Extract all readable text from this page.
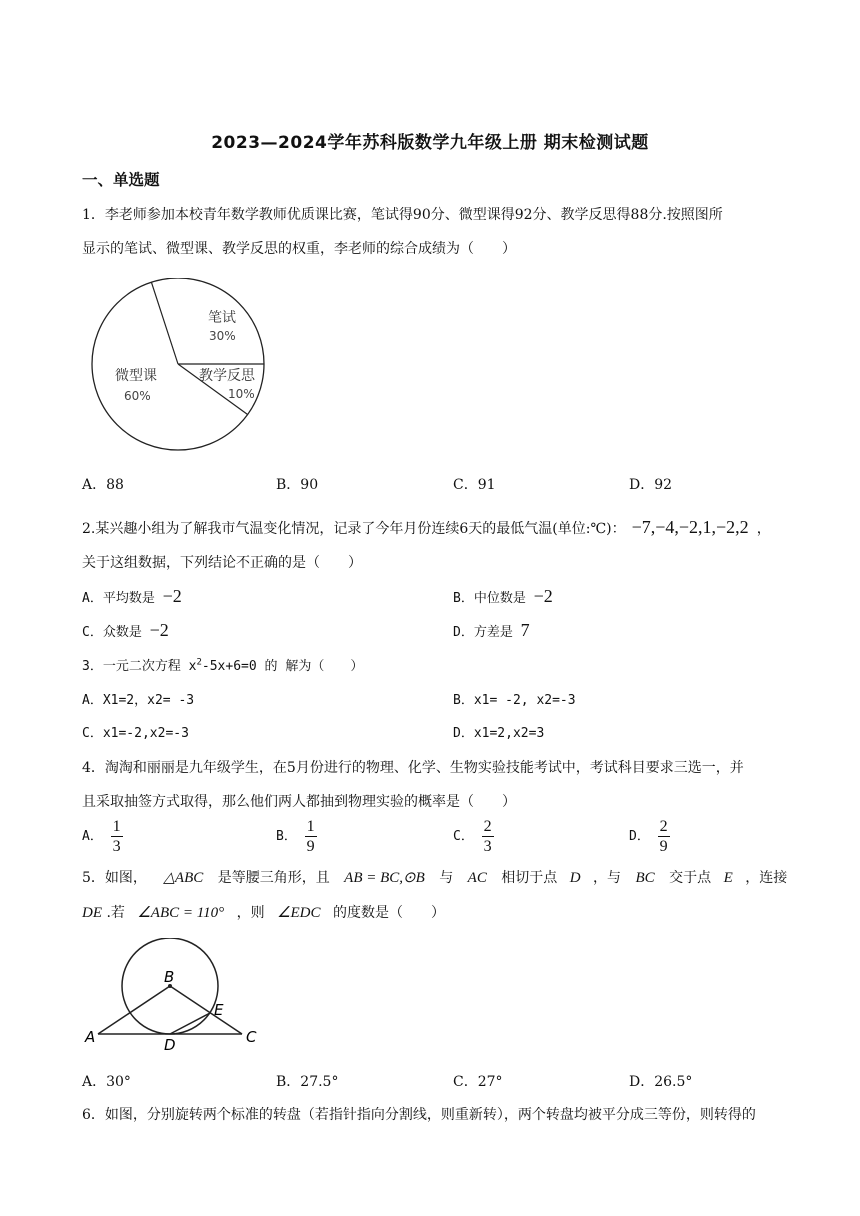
2023—2024学年苏科版数学九年级上册 期末检测试题
一、单选题
1．李老师参加本校青年数学教师优质课比赛，笔试得90分、微型课得92分、教学反思得88分.按照图所
显示的笔试、微型课、教学反思的权重，李老师的综合成绩为（　　）
笔试
30%
教学反思
10%
微型课
60%
A．88	B．90	C．91	D．92
2.某兴趣小组为了解我市气温变化情况，记录了今年月份连续6天的最低气温(单位:℃)： −7,−4,−2,1,−2,2 ，
关于这组数据，下列结论不正确的是（　　）
A．平均数是 −2	B．中位数是 −2
C．众数是 −2	D．方差是 7
3．一元二次方程 $x^2-5x+6=0$ 的 解为（　　）
A．X1=2，x2= -3	B．x1= -2, x2=-3
C．x1=-2,x2=-3	D．x1=2,x2=3
4．淘淘和丽丽是九年级学生，在5月份进行的物理、化学、生物实验技能考试中，考试科目要求三选一，并
且采取抽签方式取得，那么他们两人都抽到物理实验的概率是（　　）
A． $\frac{1}{3}$	B． $\frac{1}{9}$	C． $\frac{2}{3}$	D． $\frac{2}{9}$
5．如图， △ABC 是等腰三角形，且 AB = BC,⊙B 与 AC 相切于点 D ，与 BC 交于点 E ，连接
DE .若 ∠ABC = 110° ，则 ∠EDC 的度数是（　　）
B
A	C
D
E
A．30°	B．27.5°	C．27°	D．26.5°
6．如图，分别旋转两个标准的转盘（若指针指向分割线，则重新转），两个转盘均被平分成三等份，则转得的
